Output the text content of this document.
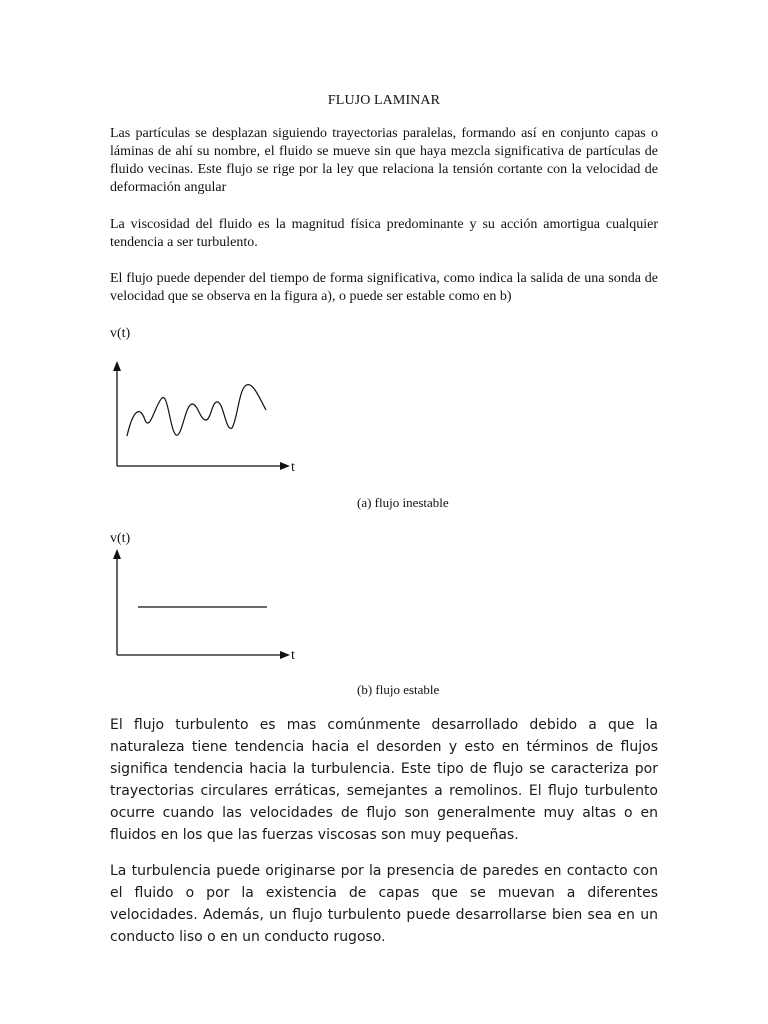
FLUJO LAMINAR
Las partículas se desplazan siguiendo trayectorias paralelas, formando así en conjunto capas o láminas de ahí su nombre, el fluido se mueve sin que haya mezcla significativa de partículas de fluido vecinas. Este flujo se rige por la ley que relaciona la tensión cortante con la velocidad de deformación angular
La viscosidad del fluido es la magnitud física predominante y su acción amortigua cualquier tendencia a ser turbulento.
El flujo puede depender del tiempo de forma significativa, como indica la salida de una sonda de velocidad que se observa en la figura a), o puede ser estable como en b)
v(t)
t
(a) flujo inestable
v(t)
t
(b) flujo estable
El flujo turbulento es mas comúnmente desarrollado debido a que la naturaleza tiene tendencia hacia el desorden y esto en términos de flujos significa tendencia hacia la turbulencia. Este tipo de flujo se caracteriza por trayectorias circulares erráticas, semejantes a remolinos. El flujo turbulento ocurre cuando las velocidades de flujo son generalmente muy altas o en fluidos en los que las fuerzas viscosas son muy pequeñas.
La turbulencia puede originarse por la presencia de paredes en contacto con el fluido o por la existencia de capas que se muevan a diferentes velocidades. Además, un flujo turbulento puede desarrollarse bien sea en un conducto liso o en un conducto rugoso.
